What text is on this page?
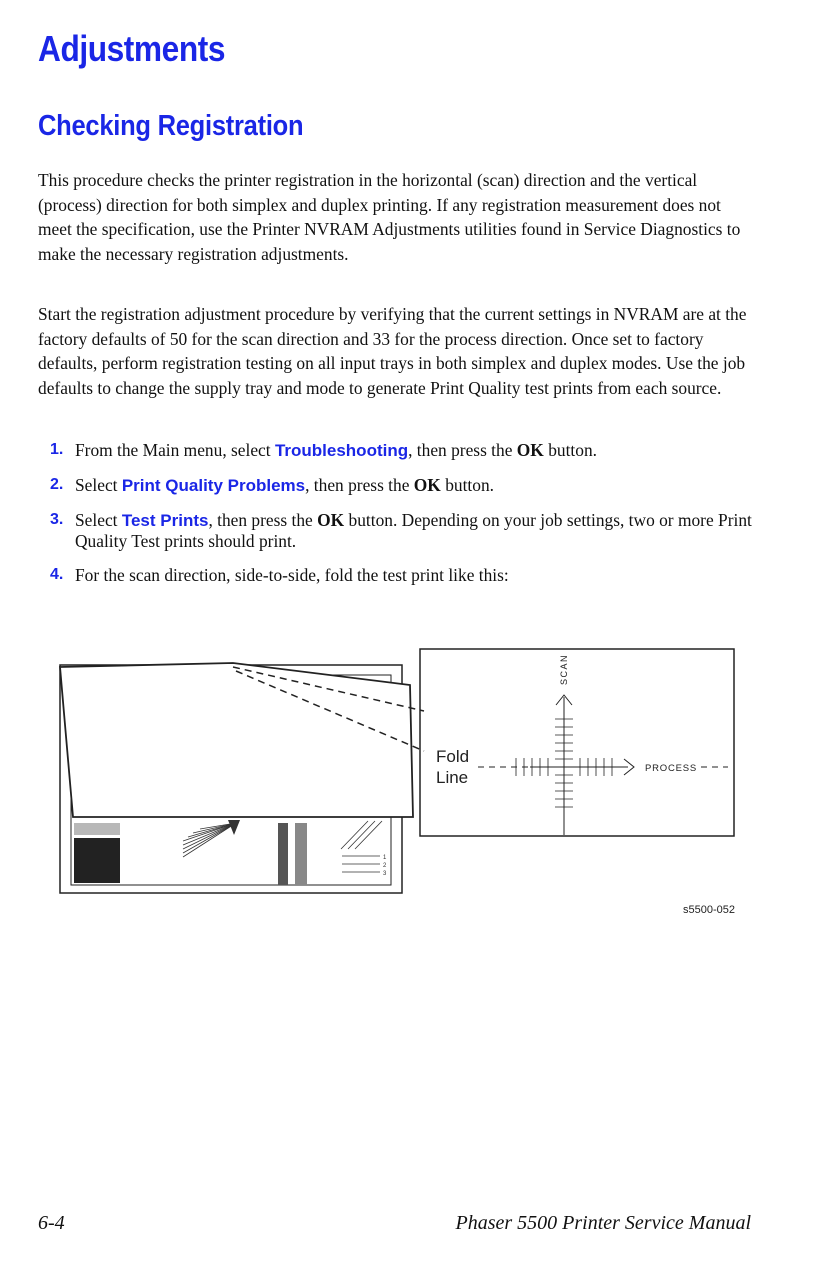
Adjustments
Checking Registration

This procedure checks the printer registration in the horizontal (scan) direction and the vertical (process) direction for both simplex and duplex printing. If any registration measurement does not meet the specification, use the Printer NVRAM Adjustments utilities found in Service Diagnostics to make the necessary registration adjustments.

Start the registration adjustment procedure by verifying that the current settings in NVRAM are at the factory defaults of 50 for the scan direction and 33 for the process direction. Once set to factory defaults, perform registration testing on all input trays in both simplex and duplex modes. Use the job defaults to change the supply tray and mode to generate Print Quality test prints from each source.

1. From the Main menu, select Troubleshooting, then press the OK button.
2. Select Print Quality Problems, then press the OK button.
3. Select Test Prints, then press the OK button. Depending on your job settings, two or more Print Quality Test prints should print.
4. For the scan direction, side-to-side, fold the test print like this:
1
2
3
SCAN
PROCESS
Fold
Line
s5500-052
6-4	Phaser 5500 Printer Service Manual
